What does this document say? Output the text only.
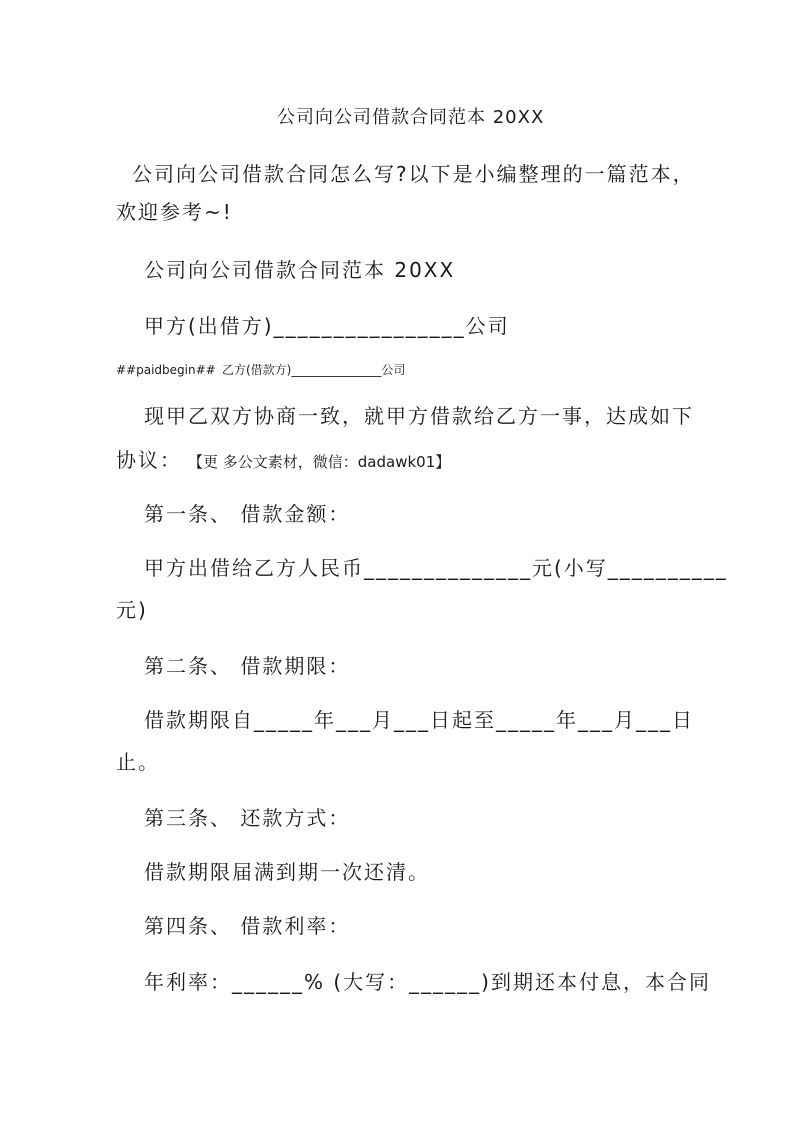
公司向公司借款合同范本 20XX
公司向公司借款合同怎么写?以下是小编整理的一篇范本，
欢迎参考~!
公司向公司借款合同范本 20XX
甲方(出借方)________________公司
##paidbegin## 乙方(借款方)_______________公司
现甲乙双方协商一致，就甲方借款给乙方一事，达成如下
协议： 【更 多公文素材，微信：dadawk01】
第一条、 借款金额：
甲方出借给乙方人民币______________元(小写__________
元)
第二条、 借款期限：
借款期限自_____年___月___日起至_____年___月___日
止。
第三条、 还款方式：
借款期限届满到期一次还清。
第四条、 借款利率：
年利率：______% (大写：______)到期还本付息，本合同
